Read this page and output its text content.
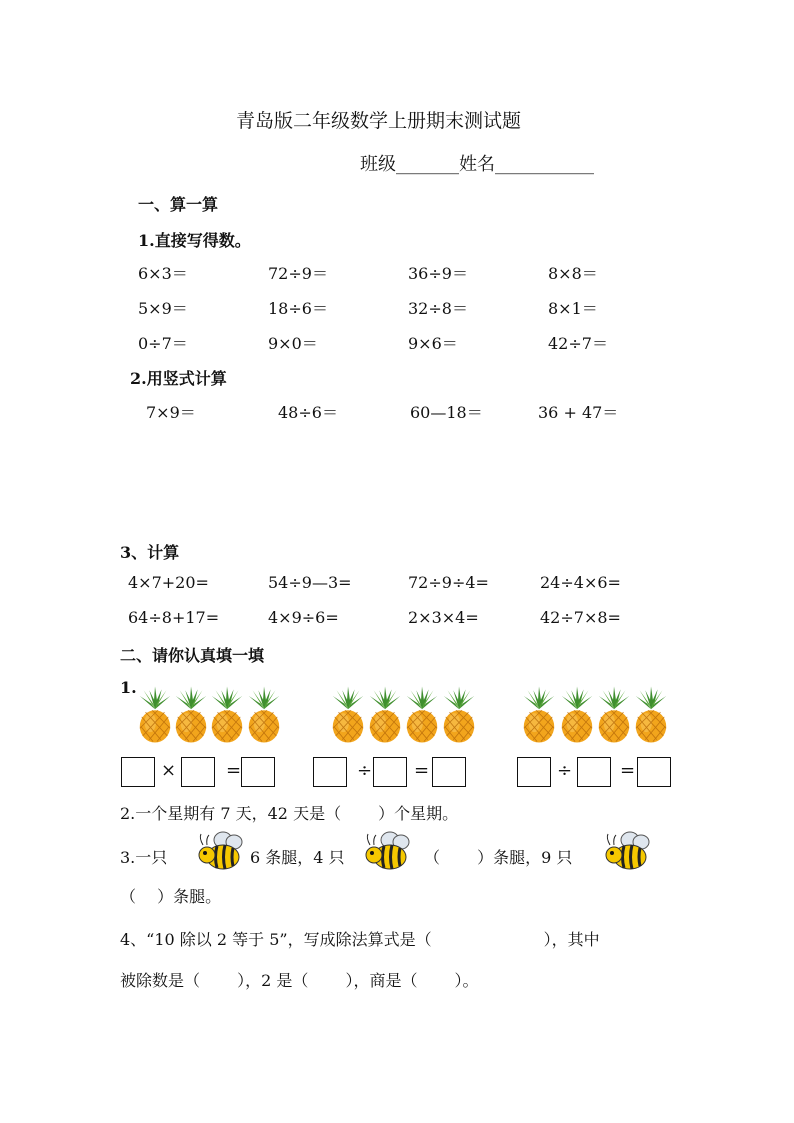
青岛版二年级数学上册期末测试题
班级_______姓名___________
一、算一算
1.直接写得数。
6×3＝	72÷9＝	36÷9＝	8×8＝
5×9＝	18÷6＝	32÷8＝	8×1＝
0÷7＝	9×0＝	9×6＝	42÷7＝
2.用竖式计算
7×9＝	48÷6＝	60—18＝	36 + 47＝
3、计算
4×7+20=	54÷9—3=	72÷9÷4=	24÷4×6=
64÷8+17=	4×9÷6=	2×3×4=	42÷7×8=
二、请你认真填一填
1.
×	=	÷ =	÷	=
2.一个星期有 7 天，42 天是（　　 ）个星期。
3.一只	6 条腿，4 只	（　　 ）条腿，9 只
（　 ）条腿。
4、“10 除以 2 等于 5”，写成除法算式是（　　　　　　　），其中
被除数是（　　 ），2 是（　　 ），商是（　　 ）。
